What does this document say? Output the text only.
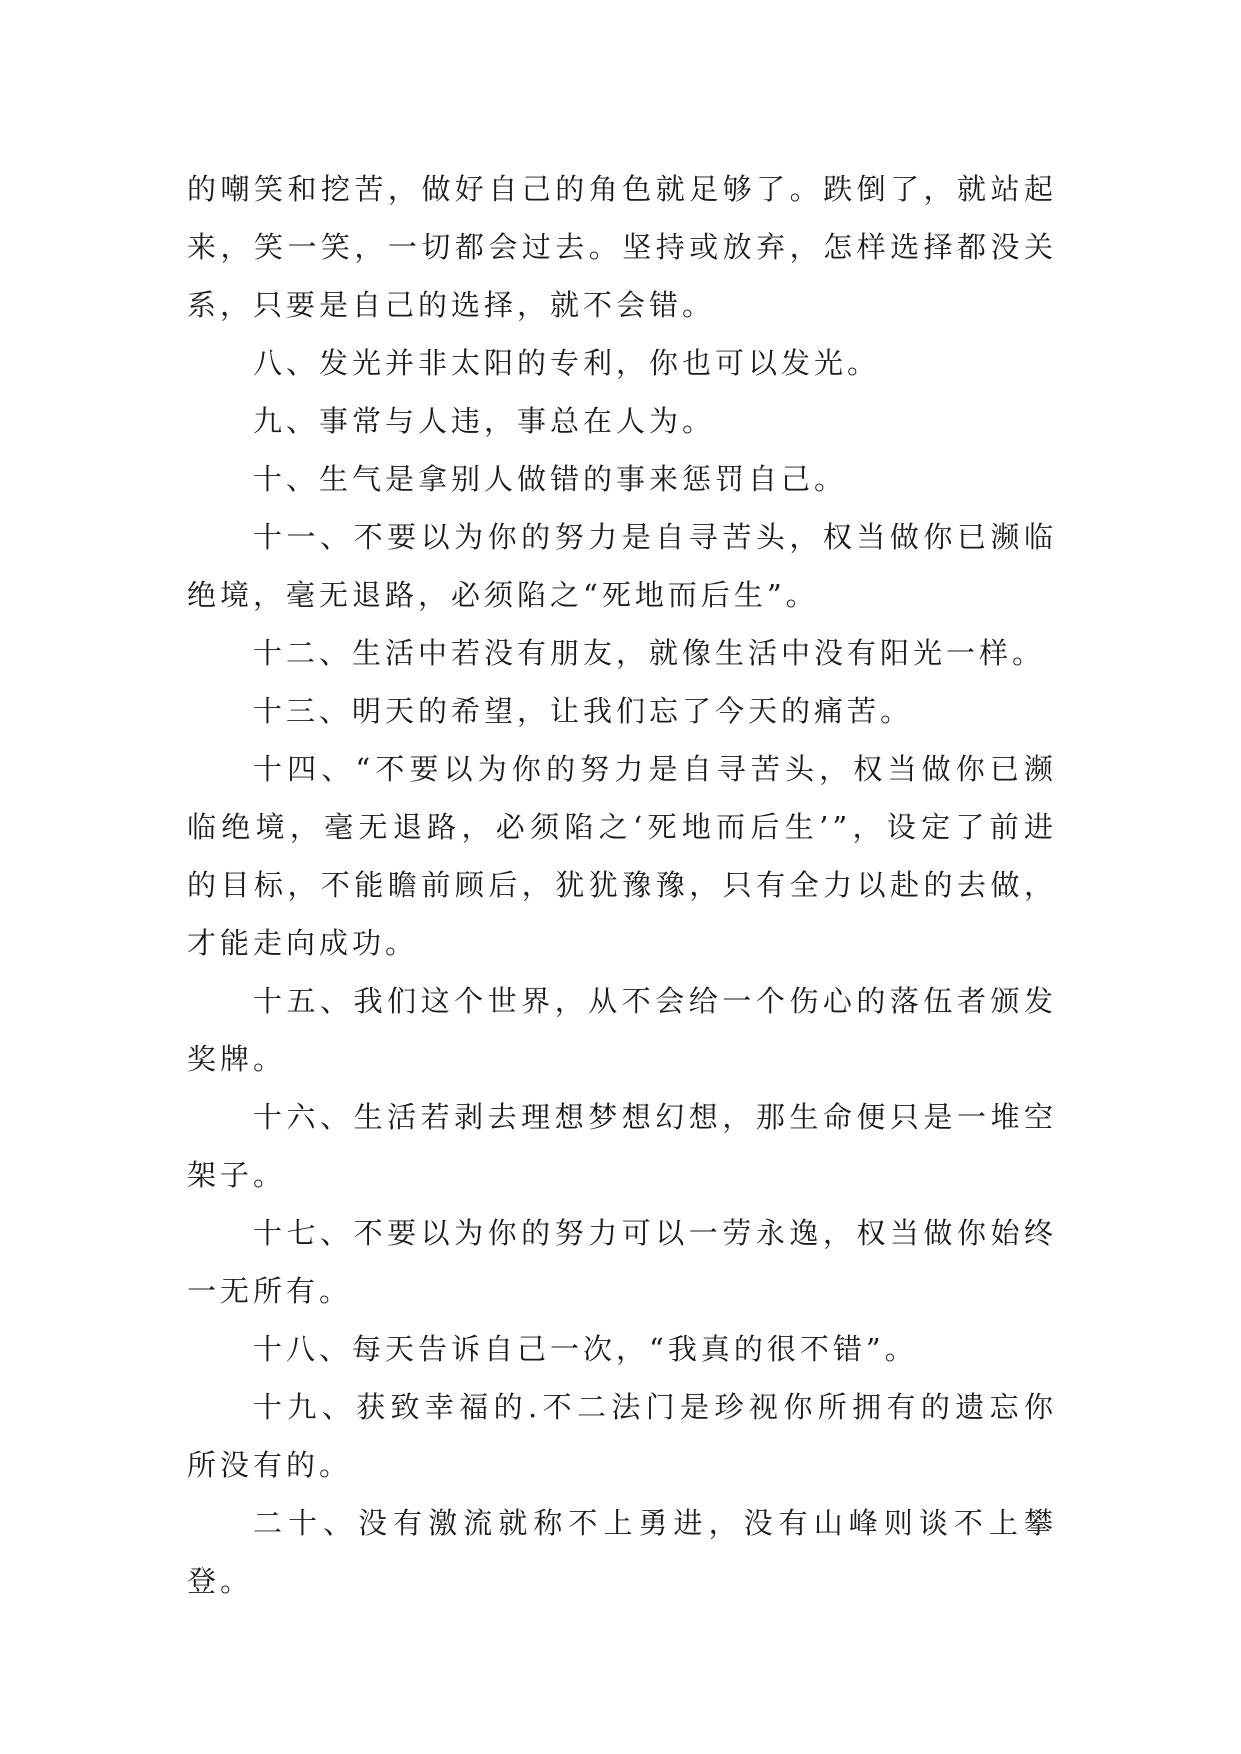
的嘲笑和挖苦，做好自己的角色就足够了。跌倒了，就站起来，笑一笑，一切都会过去。坚持或放弃，怎样选择都没关系，只要是自己的选择，就不会错。

八、发光并非太阳的专利，你也可以发光。

九、事常与人违，事总在人为。

十、生气是拿别人做错的事来惩罚自己。

十一、不要以为你的努力是自寻苦头，权当做你已濒临绝境，毫无退路，必须陷之“死地而后生”。

十二、生活中若没有朋友，就像生活中没有阳光一样。

十三、明天的希望，让我们忘了今天的痛苦。

十四、“不要以为你的努力是自寻苦头，权当做你已濒临绝境，毫无退路，必须陷之‘死地而后生’”，设定了前进的目标，不能瞻前顾后，犹犹豫豫，只有全力以赴的去做，才能走向成功。

十五、我们这个世界，从不会给一个伤心的落伍者颁发奖牌。

十六、生活若剥去理想梦想幻想，那生命便只是一堆空架子。

十七、不要以为你的努力可以一劳永逸，权当做你始终一无所有。

十八、每天告诉自己一次，“我真的很不错”。

十九、获致幸福的.不二法门是珍视你所拥有的遗忘你所没有的。

二十、没有激流就称不上勇进，没有山峰则谈不上攀登。
